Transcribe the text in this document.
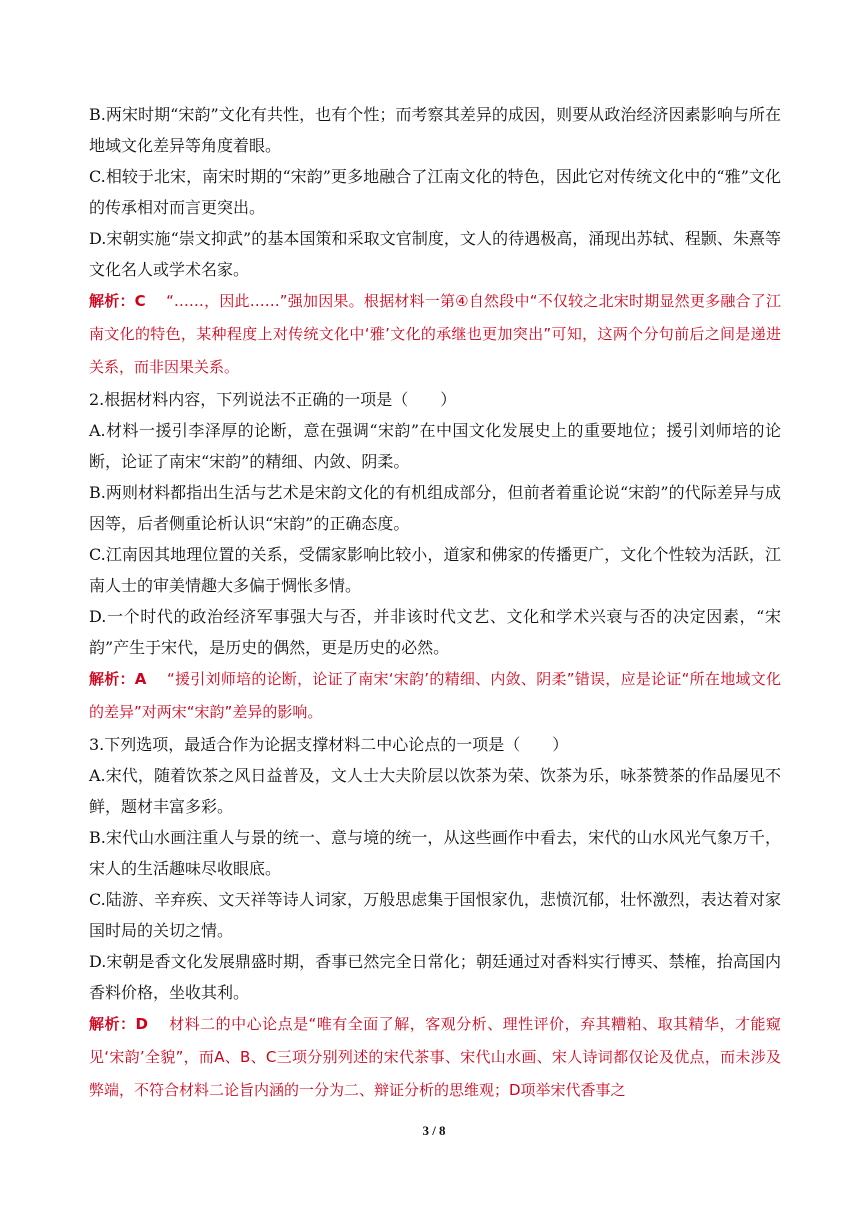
B.两宋时期“宋韵”文化有共性，也有个性；而考察其差异的成因，则要从政治经济因素影响与所在地域文化差异等角度着眼。

C.相较于北宋，南宋时期的“宋韵”更多地融合了江南文化的特色，因此它对传统文化中的“雅”文化的传承相对而言更突出。

D.宋朝实施“崇文抑武”的基本国策和采取文官制度，文人的待遇极高，涌现出苏轼、程颢、朱熹等文化名人或学术名家。

解析：C　 “……，因此……”强加因果。根据材料一第④自然段中“不仅较之北宋时期显然更多融合了江南文化的特色，某种程度上对传统文化中‘雅’文化的承继也更加突出”可知，这两个分句前后之间是递进关系，而非因果关系。

2.根据材料内容，下列说法不正确的一项是（　　）

A.材料一援引李泽厚的论断，意在强调“宋韵”在中国文化发展史上的重要地位；援引刘师培的论断，论证了南宋“宋韵”的精细、内敛、阴柔。

B.两则材料都指出生活与艺术是宋韵文化的有机组成部分，但前者着重论说“宋韵”的代际差异与成因等，后者侧重论析认识“宋韵”的正确态度。

C.江南因其地理位置的关系，受儒家影响比较小，道家和佛家的传播更广，文化个性较为活跃，江南人士的审美情趣大多偏于惆怅多情。

D.一个时代的政治经济军事强大与否，并非该时代文艺、文化和学术兴衰与否的决定因素，“宋韵”产生于宋代，是历史的偶然，更是历史的必然。

解析：A　 “援引刘师培的论断，论证了南宋‘宋韵’的精细、内敛、阴柔”错误，应是论证“所在地域文化的差异”对两宋“宋韵”差异的影响。

3.下列选项，最适合作为论据支撑材料二中心论点的一项是（　　）

A.宋代，随着饮茶之风日益普及，文人士大夫阶层以饮茶为荣、饮茶为乐，咏茶赞茶的作品屡见不鲜，题材丰富多彩。

B.宋代山水画注重人与景的统一、意与境的统一，从这些画作中看去，宋代的山水风光气象万千，宋人的生活趣味尽收眼底。

C.陆游、辛弃疾、文天祥等诗人词家，万般思虑集于国恨家仇，悲愤沉郁，壮怀激烈，表达着对家国时局的关切之情。

D.宋朝是香文化发展鼎盛时期，香事已然完全日常化；朝廷通过对香料实行博买、禁榷，抬高国内香料价格，坐收其利。

解析：D　 材料二的中心论点是“唯有全面了解，客观分析、理性评价，弃其糟粕、取其精华，才能窥见‘宋韵’全貌”，而A、B、C三项分别列述的宋代茶事、宋代山水画、宋人诗词都仅论及优点，而未涉及弊端，不符合材料二论旨内涵的一分为二、辩证分析的思维观；D项举宋代香事之

3 / 8
